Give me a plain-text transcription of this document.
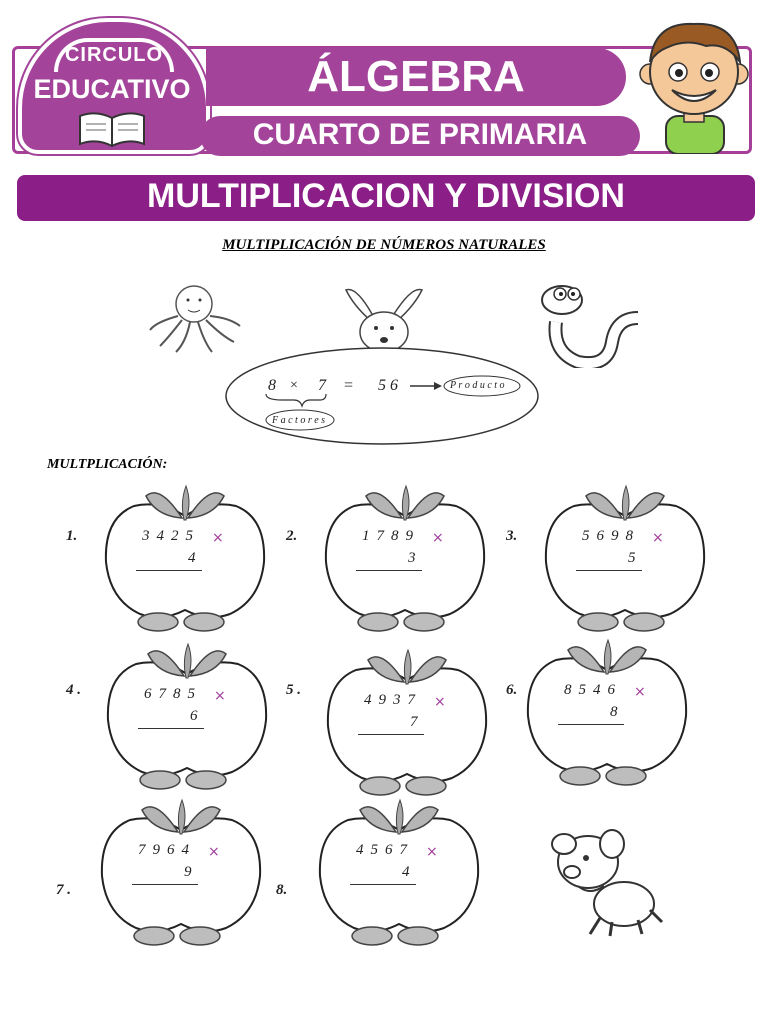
CIRCULO
EDUCATIVO	ÁLGEBRA
CUARTO DE PRIMARIA
MULTIPLICACION Y DIVISION
MULTIPLICACIÓN DE NÚMEROS NATURALES
8 × 7 = 5 6	P r o d u c t o
F a c t o r e s
MULTPLICACIÓN:
3425 ×
4
1.	1789 ×
3
2.	5698 ×
5
3.
6785 ×
6
4 .
4937 ×
7
5 .	8546 ×
8
6.
7964 ×
9
7 .
4567 ×
4
8.
